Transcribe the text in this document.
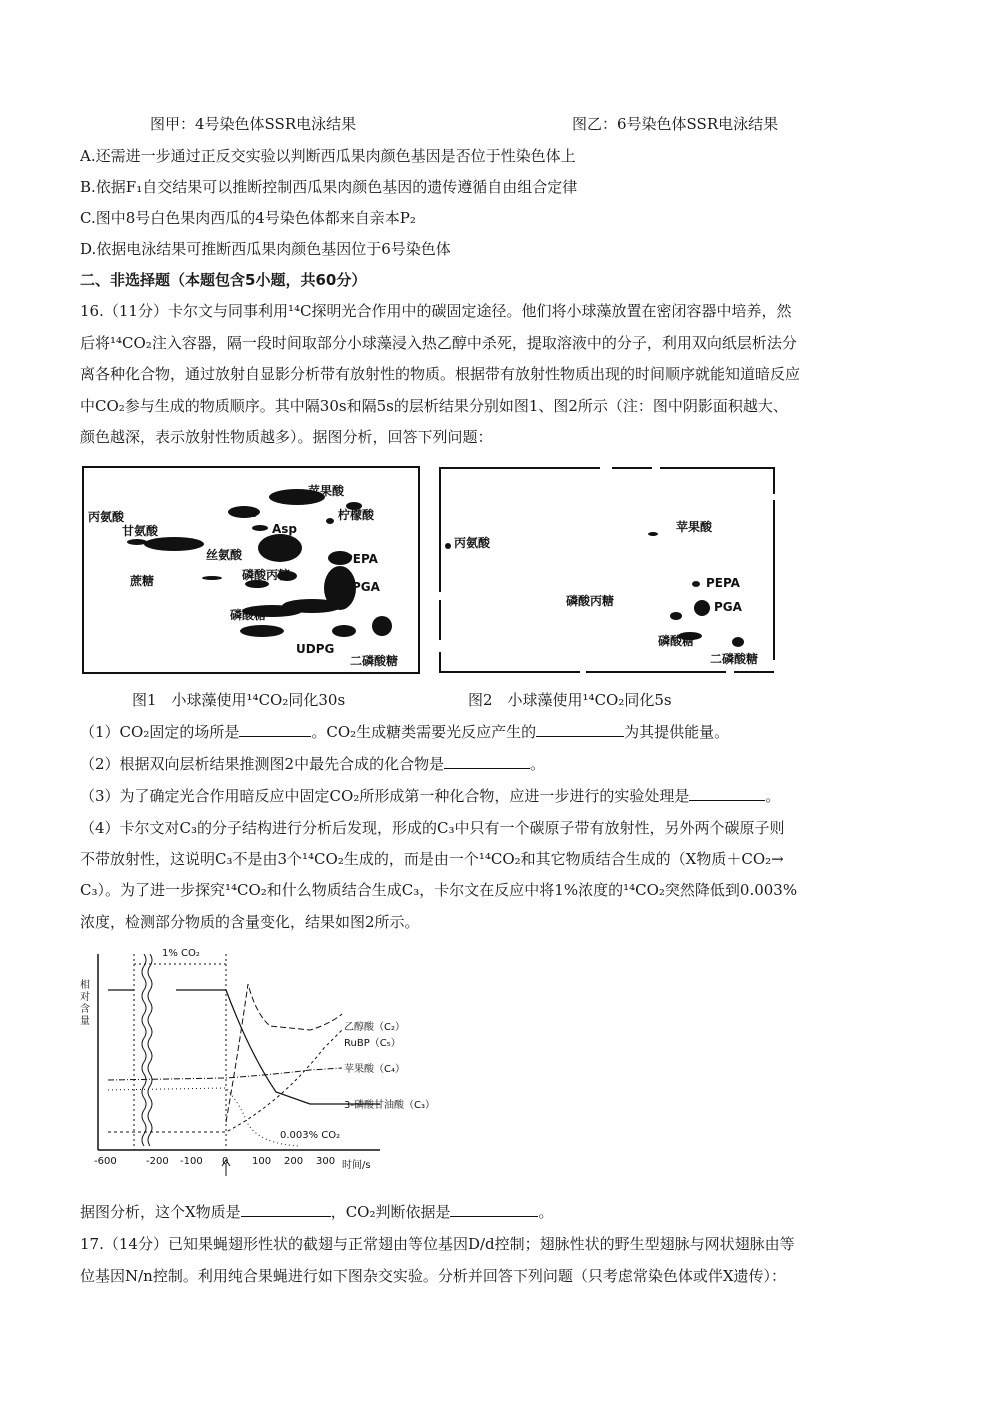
图甲：4号染色体SSR电泳结果	图乙：6号染色体SSR电泳结果
A.还需进一步通过正反交实验以判断西瓜果肉颜色基因是否位于性染色体上
B.依据F₁自交结果可以推断控制西瓜果肉颜色基因的遗传遵循自由组合定律
C.图中8号白色果肉西瓜的4号染色体都来自亲本P₂
D.依据电泳结果可推断西瓜果肉颜色基因位于6号染色体
二、非选择题（本题包含5小题，共60分）
16.（11分）卡尔文与同事利用¹⁴C探明光合作用中的碳固定途径。他们将小球藻放置在密闭容器中培养，然
后将¹⁴CO₂注入容器，隔一段时间取部分小球藻浸入热乙醇中杀死，提取溶液中的分子，利用双向纸层析法分
离各种化合物，通过放射自显影分析带有放射性的物质。根据带有放射性物质出现的时间顺序就能知道暗反应
中CO₂参与生成的物质顺序。其中隔30s和隔5s的层析结果分别如图1、图2所示（注：图中阴影面积越大、
颜色越深，表示放射性物质越多）。据图分析，回答下列问题：
苹果酸
丙氨酸	Glu	柠檬酸
甘氨酸	Asp
丝氨酸	PEPA
蔗糖	磷酸丙糖
PGA
磷酸糖
UDPG
二磷酸糖
苹果酸
丙氨酸
PEPA
磷酸丙糖	PGA
磷酸糖
二磷酸糖
图1　小球藻使用¹⁴CO₂同化30s	图2　小球藻使用¹⁴CO₂同化5s
（1）CO₂固定的场所是	。CO₂生成糖类需要光反应产生的	为其提供能量。
（2）根据双向层析结果推测图2中最先合成的化合物是	。
（3）为了确定光合作用暗反应中固定CO₂所形成第一种化合物，应进一步进行的实验处理是	。
（4）卡尔文对C₃的分子结构进行分析后发现，形成的C₃中只有一个碳原子带有放射性，另外两个碳原子则
不带放射性，这说明C₃不是由3个¹⁴CO₂生成的，而是由一个¹⁴CO₂和其它物质结合生成的（X物质＋CO₂→
C₃）。为了进一步探究¹⁴CO₂和什么物质结合生成C₃，卡尔文在反应中将1%浓度的¹⁴CO₂突然降低到0.003%
浓度，检测部分物质的含量变化，结果如图2所示。
1% CO₂
0.003% CO₂
相对含量
时间/s
-600	-200 -100 0 100 200 300
乙醇酸（C₂）
RuBP（C₅）
苹果酸（C₄）
3-磷酸甘油酸（C₃）
据图分析，这个X物质是	，CO₂判断依据是	。
17.（14分）已知果蝇翅形性状的截翅与正常翅由等位基因D/d控制；翅脉性状的野生型翅脉与网状翅脉由等
位基因N/n控制。利用纯合果蝇进行如下图杂交实验。分析并回答下列问题（只考虑常染色体或伴X遗传）：
